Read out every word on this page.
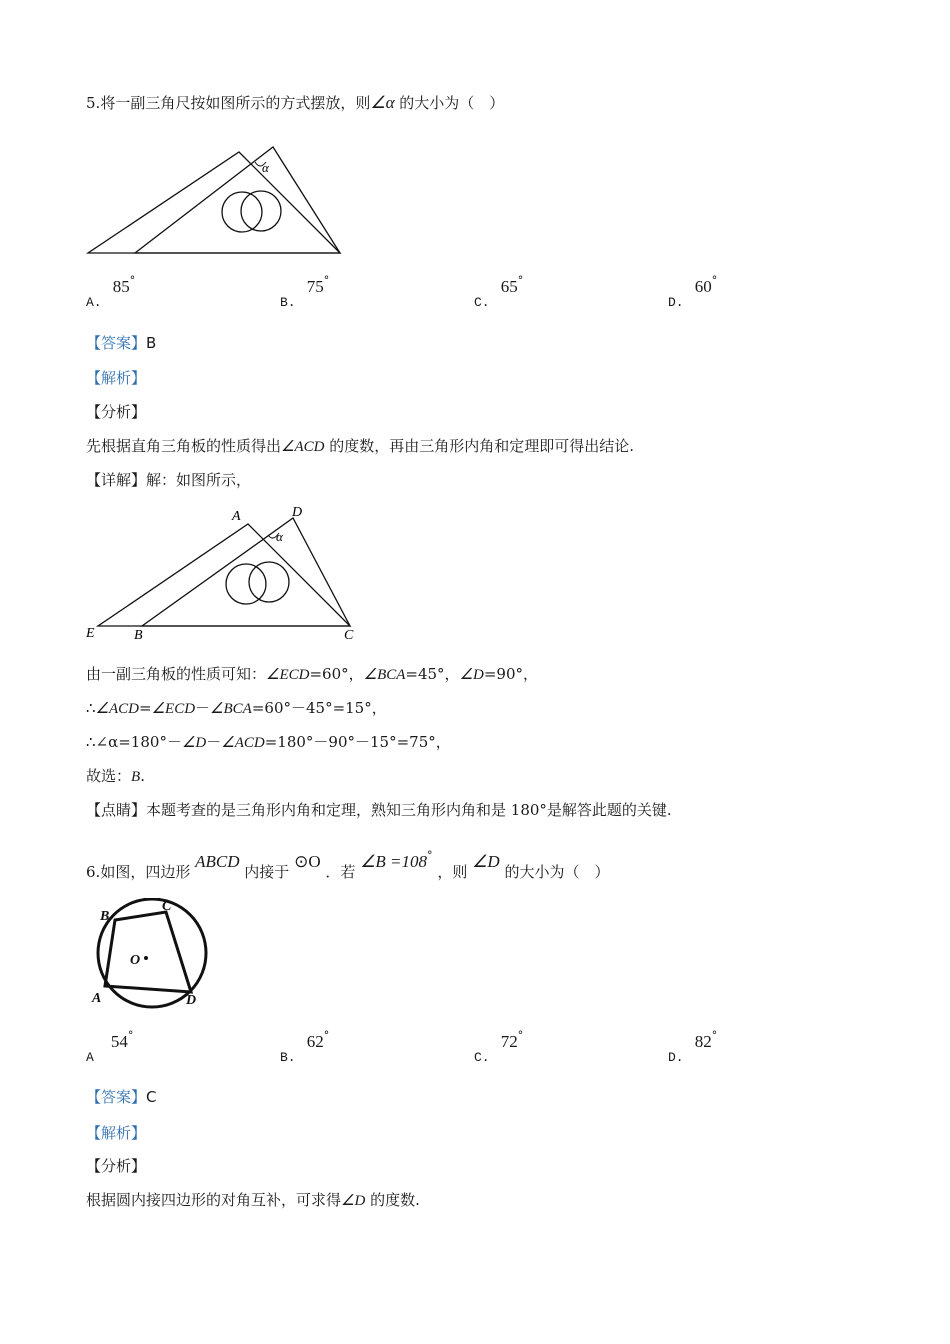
5.将一副三角尺按如图所示的方式摆放，则∠α 的大小为（　）
α
$_{A.}$ 85°
$_{B.}$ 75°
$_{C.}$ 65°
$_{D.}$ 60°
【答案】B
【解析】
【分析】
先根据直角三角板的性质得出∠ACD 的度数，再由三角形内角和定理即可得出结论.
【详解】解：如图所示，
A	D
α
E	B	C
由一副三角板的性质可知：∠ECD=60°，∠BCA=45°，∠D=90°，
∴∠ACD=∠ECD－∠BCA=60°－45°=15°，
∴∠α=180°－∠D－∠ACD=180°－90°－15°=75°，
故选：B.
【点睛】本题考查的是三角形内角和定理，熟知三角形内角和是 180°是解答此题的关键.
6.如图，四边形 ABCD 内接于 ⊙O ．若 ∠B =108° ，则 ∠D 的大小为（　）
B
C
D
A
O
$_A$ 54°
$_{B.}$ 62°
$_{C.}$ 72°
$_{D.}$ 82°
【答案】C
【解析】
【分析】
根据圆内接四边形的对角互补，可求得∠D 的度数.
